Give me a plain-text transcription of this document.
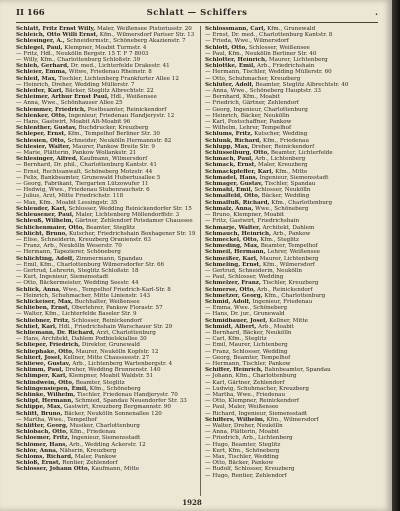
II 166	Schlatt — Schiffers	.

Schlatt, Fritz Ernst Willy, Maler, Weißensee Pistoriusstr. 20

Schleich, Otto Willi Ernst, Kfm., Wilmersdorf Pariser Str. 13

Schlesinger, A., Schneidermstr., Schöneberg Akazienstr. 7

Schlegel, Paul, Klempner, Moabit Turmstr. 4

— Fritz, Hdl., Neukölln Bergstr. 15 T. F 7 8003

— Willy, Kfm., Charlottenburg Schloßstr. 39

Schleh, Gerhard, Dr. med., Lichterfelde Drakestr. 41

Schleier, Emma, Witwe, Friedenau Rheinstr. 8

Schleif, Max, Tischler, Lichtenberg Frankfurter Allee 12

— Heinrich, Dreher, Wedding Müllerstr. 7

Schleifer, Karl, Bäcker, Steglitz Albrechtstr. 22

Schleimer, Arthur Ernst Paul, Hdl., Weißensee

— Anna, Wwe., Schönhauser Allee 25

Schlemmer, Friedrich, Postbeamter, Reinickendorf

Schlenker, Otto, Ingenieur, Friedenau Handjerystr. 12

— Hans, Gastwirt, Moabit Alt-Moabit 96

Schlenther, Gustav, Buchdrucker, Kreuzberg

Schleper, Ernst, Kfm., Tempelhof Berliner Str. 30

Schlesien, Otto, Schneider, Neukölln Hermannstr. 82

Schlesier, Walter, Maurer, Pankow Breite Str. 9

— Marie, Plätterin, Pankow Wollankstr. 21

Schlesinger, Alfred, Kaufmann, Wilmersdorf

— Bernhard, Dr. phil., Charlottenburg Kantstr. 41

— Ernst, Rechtsanwalt, Schöneberg Motzstr. 44

— Felix, Bankbeamter, Grunewald Hubertusallee 5

— Georg, Fabrikant, Tiergarten Lützowufer 11

— Hedwig, Wwe., Friedenau Stubenrauchstr. 6

— Julius, Arzt, Mitte Friedrichstr. 118

— Max, Kfm., Moabit Lessingstr. 35

Schleuder, Karl, Schlosser, Wedding Reinickendorfer Str. 15

Schleusener, Paul, Maler, Lichtenberg Möllendorffstr. 3

Schleuß, Wilhelm, Gärtner, Zehlendorf Potsdamer Chaussee

Schlichenmaier, Otto, Beamter, Steglitz

Schlicht, Bruno, Kutscher, Friedrichshain Boxhagener Str. 19

— Elise, Schneiderin, Kreuzberg Oranienstr. 63

— Franz, Arb., Neukölln Weserstr. 70

— Hermann, Tapezierer, Schöneberg

Schlichting, Adolf, Zimmermann, Spandau

— Emil, Kfm., Charlottenburg Wilmersdorfer Str. 66

— Gertrud, Lehrerin, Steglitz Schloßstr. 18

— Kurt, Ingenieur, Siemensstadt

— Otto, Bäckermeister, Wedding Seestr. 44

Schlick, Anna, Wwe., Tempelhof Friedrich-Karl-Str. 8

— Heinrich, Schuhmacher, Mitte Linienstr. 143

Schlickeiser, Max, Buchhalter, Weißensee

Schlieben, Ernst, Oberlehrer, Pankow Florastr. 57

— Walter, Kfm., Lichterfelde Baseler Str. 9

Schliebner, Fritz, Schlosser, Reinickendorf

Schlief, Karl, Hdl., Friedrichshain Warschauer Str. 29

Schliemann, Dr. Richard, Arzt, Charlottenburg

— Hans, Architekt, Dahlem Podbielskiallee 30

Schlieper, Friedrich, Direktor, Grunewald

Schliephake, Otto, Maurer, Neukölln Kopfstr. 12

Schlierf, Josef, Kellner, Mitte Chausseestr. 27

Schliewe, Gustav, Arb., Lichtenberg Wartenbergstr. 4

Schlimm, Paul, Dreher, Wedding Brunnenstr. 140

Schlimper, Karl, Klempner, Moabit Waldstr. 51

Schlindwein, Otto, Beamter, Steglitz

Schlingensiepen, Emil, Kfm., Schöneberg

Schlinke, Wilhelm, Tischler, Friedenau Handjerystr. 70

Schlipf, Hermann, Schmied, Spandau Neuendorfer Str. 33

Schlippe, Max, Gastwirt, Kreuzberg Bergmannstr. 90

Schlitt, Bruno, Bäcker, Neukölln Sonnenallee 120

— Martha, Wwe., Tempelhof

Schlitter, Georg, Musiker, Charlottenburg

Schlobach, Otto, Kfm., Friedenau

Schloemer, Fritz, Ingenieur, Siemensstadt

Schlömer, Hans, Arb., Wedding Ackerstr. 12

Schlör, Anna, Näherin, Kreuzberg

Schloms, Richard, Maler, Pankow

Schloß, Ernst, Rentier, Zehlendorf

Schlosser, Johann Otto, Kaufmann, Mitte

Schlossmann, Carl, Kfm., Grunewald

— Ernst, Dr. med., Charlottenburg Kantstr. 8

— Frieda, Wwe., Wilmersdorf

Schlott, Otto, Schlosser, Weißensee

— Paul, Kfm., Neukölln Berliner Str. 40

Schlotter, Heinrich, Maurer, Lichtenberg

Schlottke, Emil, Arb., Friedrichshain

— Hermann, Tischler, Wedding Müllerstr. 60

— Otto, Schuhmacher, Kreuzberg

Schlüter, Adolf, Beamter, Steglitz Albrechtstr. 40

— Anna, Wwe., Schöneberg Hauptstr. 33

— Bernhard, Kfm., Moabit

— Friedrich, Gärtner, Zehlendorf

— Georg, Ingenieur, Charlottenburg

— Heinrich, Bäcker, Neukölln

— Karl, Postschaffner, Pankow

— Wilhelm, Lehrer, Tempelhof

Schlums, Fritz, Kutscher, Wedding

Schlunk, Richard, Kfm., Friedenau

Schlupp, Max, Dreher, Reinickendorf

Schlüsselburg, Otto, Beamter, Lichterfelde

Schmach, Paul, Arb., Lichtenberg

Schmack, Ernst, Maler, Kreuzberg

Schmackpfeffer, Karl, Kfm., Mitte

Schmadel, Hans, Ingenieur, Siemensstadt

Schmager, Gustav, Tischler, Spandau

Schmahl, Emil, Schlosser, Neukölln

Schmalfeld, Otto, Bäcker, Wedding

Schmalfuß, Richard, Kfm., Charlottenburg

Schmalz, Anna, Wwe., Schöneberg

— Bruno, Klempner, Moabit

— Fritz, Gastwirt, Friedrichshain

Schmarje, Walter, Architekt, Dahlem

Schmauch, Heinrich, Arb., Pankow

Schmeckel, Otto, Kfm., Steglitz

Schmeding, Max, Beamter, Tempelhof

Schmeil, Hermann, Lehrer, Weißensee

Schmeißer, Karl, Maurer, Lichtenberg

Schmeling, Ernst, Kfm., Wilmersdorf

— Gertrud, Schneiderin, Neukölln

— Paul, Schlosser, Wedding

Schmelzer, Franz, Tischler, Kreuzberg

Schmerse, Otto, Arb., Reinickendorf

Schmetzer, Georg, Kfm., Charlottenburg

Schmid, Adolf, Ingenieur, Friedenau

— Emma, Wwe., Schöneberg

— Hans, Dr. jur., Grunewald

Schmidbauer, Josef, Kellner, Mitte

Schmidt, Albert, Arb., Moabit

— Bernhard, Bäcker, Neukölln

— Carl, Kfm., Steglitz

— Emil, Maurer, Lichtenberg

— Franz, Schlosser, Wedding

— Georg, Beamter, Tempelhof

— Hermann, Tischler, Pankow

Schiffer, Heinrich, Bahnbeamter, Spandau

— Johann, Kfm., Charlottenburg

— Karl, Gärtner, Zehlendorf

— Ludwig, Schuhmacher, Kreuzberg

— Martha, Wwe., Friedenau

— Otto, Klempner, Reinickendorf

— Paul, Maler, Weißensee

— Richard, Ingenieur, Siemensstadt

Schiffers, Wilhelm, Kfm., Wilmersdorf

— Walter, Dreher, Neukölln

— Anna, Plätterin, Moabit

— Friedrich, Arb., Lichtenberg

— Hugo, Beamter, Steglitz

— Kurt, Kfm., Schöneberg

— Max, Tischler, Wedding

— Otto, Bäcker, Pankow

— Rudolf, Schlosser, Kreuzberg

— Hugo, Rentier, Zehlendorf

1928
